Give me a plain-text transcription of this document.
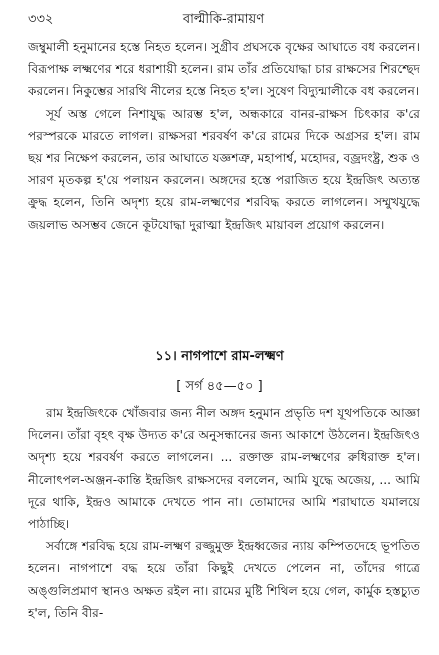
৩৩২	বাল্মীকি-রামায়ণ

জম্বুমালী হনুমানের হস্তে নিহত হলেন। সুগ্রীব প্রঘসকে বৃক্ষের আঘাতে বধ করলেন। বিরূপাক্ষ লক্ষ্মণের শরে ধরাশায়ী হলেন। রাম তাঁর প্রতিযোদ্ধা চার রাক্ষসের শিরশ্ছেদ করলেন। নিকুম্ভের সারথি নীলের হস্তে নিহত হ'ল। সুষেণ বিদ্যুন্মালীকে বধ করলেন।

সূর্য অস্ত গেলে নিশাযুদ্ধ আরম্ভ হ'ল, অন্ধকারে বানর-রাক্ষস চিৎকার ক'রে পরস্পরকে মারতে লাগল। রাক্ষসরা শরবর্ষণ ক'রে রামের দিকে অগ্রসর হ'ল। রাম ছয় শর নিক্ষেপ করলেন, তার আঘাতে যজ্ঞশত্রু, মহাপার্শ্ব, মহোদর, বজ্রদংষ্ট্র, শুক ও সারণ মৃতকল্প হ'য়ে পলায়ন করলেন। অঙ্গদের হস্তে পরাজিত হয়ে ইন্দ্রজিৎ অত্যন্ত ক্রুদ্ধ হলেন, তিনি অদৃশ্য হয়ে রাম-লক্ষ্মণের শরবিদ্ধ করতে লাগলেন। সম্মুখযুদ্ধে জয়লাভ অসম্ভব জেনে কূটযোদ্ধা দুরাত্মা ইন্দ্রজিৎ মায়াবল প্রয়োগ করলেন।

১১। নাগপাশে রাম-লক্ষ্মণ
[ সর্গ ৪৫—৫০ ]

রাম ইন্দ্রজিৎকে খোঁজবার জন্য নীল অঙ্গদ হনুমান প্রভৃতি দশ যূথপতিকে আজ্ঞা দিলেন। তাঁরা বৃহৎ বৃক্ষ উদ্যত ক'রে অনুসন্ধানের জন্য আকাশে উঠলেন। ইন্দ্রজিৎও অদৃশ্য হয়ে শরবর্ষণ করতে লাগলেন। ... রক্তাক্ত রাম-লক্ষ্মণের রুধিরাক্ত হ'ল। নীলোৎপল-অঞ্জন-কান্তি ইন্দ্রজিৎ রাক্ষসদের বললেন, আমি যুদ্ধে অজেয়, ... আমি দূরে থাকি, ইন্দ্রও আমাকে দেখতে পান না। তোমাদের আমি শরাঘাতে যমালয়ে পাঠাচ্ছি।

সর্বাঙ্গে শরবিদ্ধ হয়ে রাম-লক্ষ্মণ রজ্জুমুক্ত ইন্দ্রধ্বজের ন্যায় কম্পিতদেহে ভূপতিত হলেন। নাগপাশে বদ্ধ হয়ে তাঁরা কিছুই দেখতে পেলেন না, তাঁদের গাত্রে অঙ্গুলিপ্রমাণ স্থানও অক্ষত রইল না। রামের মুষ্টি শিথিল হয়ে গেল, কার্মুক হস্তচ্যুত হ'ল, তিনি বীর-
